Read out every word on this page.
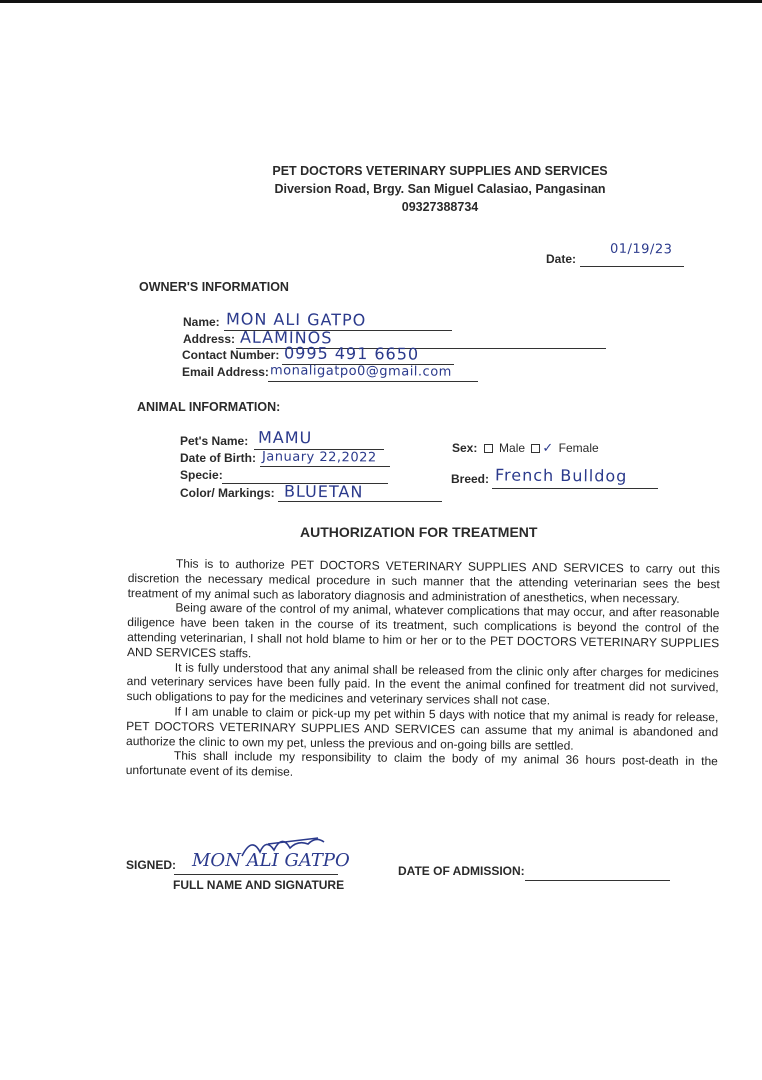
PET DOCTORS VETERINARY SUPPLIES AND SERVICES
Diversion Road, Brgy. San Miguel Calasiao, Pangasinan
09327388734
Date:
01/19/23
OWNER'S INFORMATION
Name: MON ALI GATPO
Address: ALAMINOS
Contact Number: 0995 491 6650
Email Address: monaligatpo0@gmail.com
ANIMAL INFORMATION:
Pet's Name: MAMU
Date of Birth: January 22,2022
Specie:
Color/ Markings: BLUETAN
Sex: Male ✓ Female
Breed: French Bulldog
AUTHORIZATION FOR TREATMENT

This is to authorize PET DOCTORS VETERINARY SUPPLIES AND SERVICES to carry out this discretion the necessary medical procedure in such manner that the attending veterinarian sees the best treatment of my animal such as laboratory diagnosis and administration of anesthetics, when necessary.

Being aware of the control of my animal, whatever complications that may occur, and after reasonable diligence have been taken in the course of its treatment, such complications is beyond the control of the attending veterinarian, I shall not hold blame to him or her or to the PET DOCTORS VETERINARY SUPPLIES AND SERVICES staffs.

It is fully understood that any animal shall be released from the clinic only after charges for medicines and veterinary services have been fully paid. In the event the animal confined for treatment did not survived, such obligations to pay for the medicines and veterinary services shall not case.

If I am unable to claim or pick-up my pet within 5 days with notice that my animal is ready for release, PET DOCTORS VETERINARY SUPPLIES AND SERVICES can assume that my animal is abandoned and authorize the clinic to own my pet, unless the previous and on-going bills are settled.

This shall include my responsibility to claim the body of my animal 36 hours post-death in the unfortunate event of its demise.

SIGNED: MON ALI GATPO
FULL NAME AND SIGNATURE
DATE OF ADMISSION:
